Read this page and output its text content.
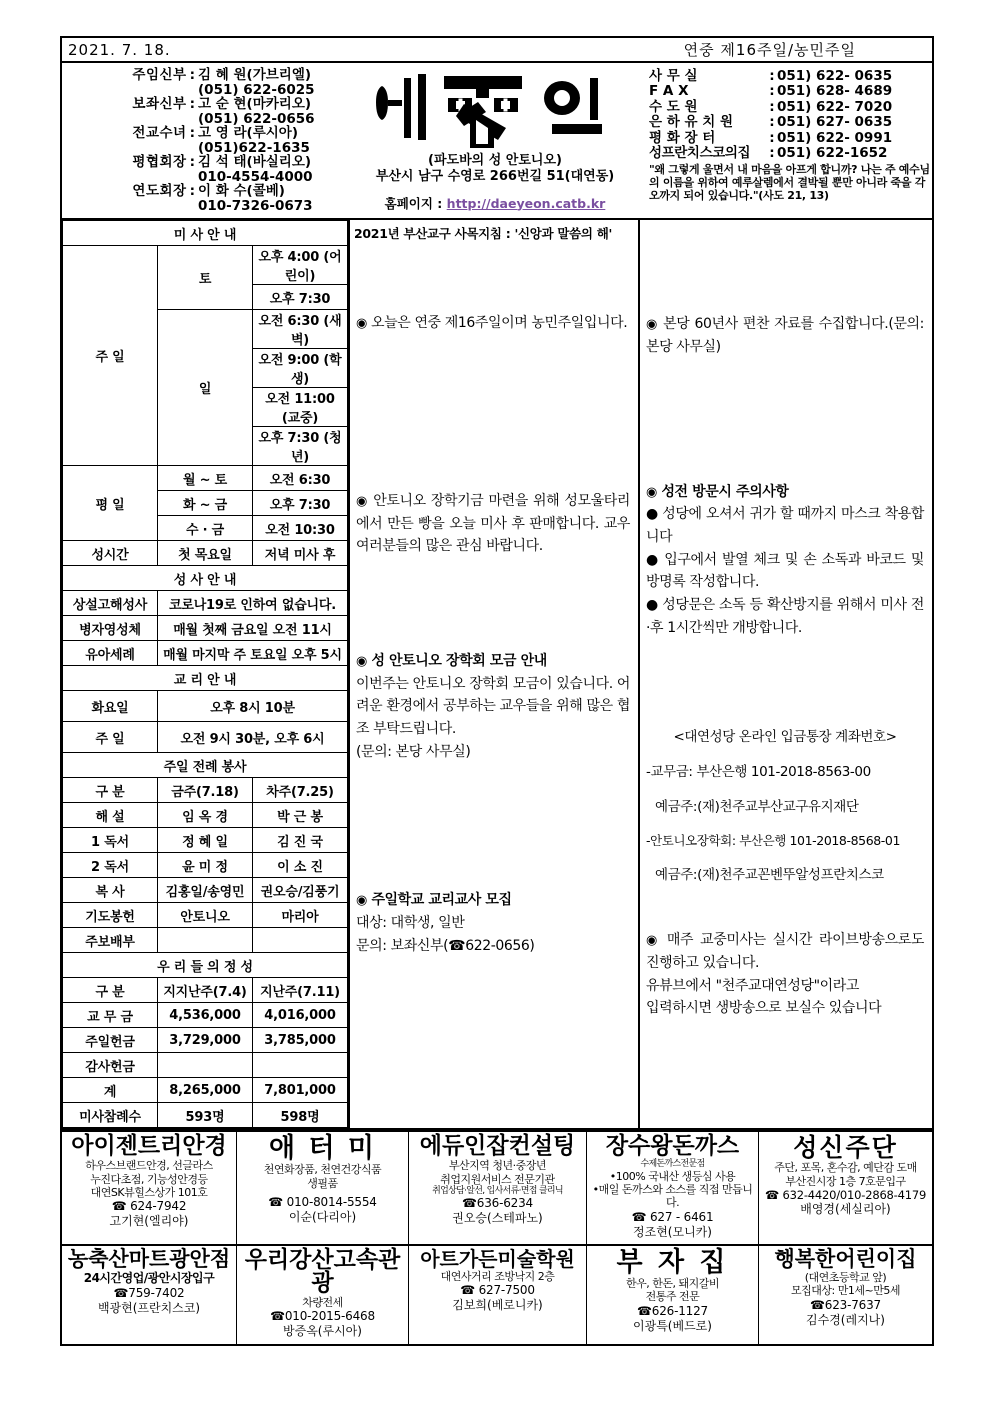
2021. 7. 18.	연중 제16주일/농민주일
주임신부 : 김 혜 원(가브리엘)
(051) 622-6025
보좌신부 : 고 순 현(마카리오)
(051) 622-0656
전교수녀 : 고 영 라(루시아)
(051)622-1635
평협회장 : 김 석 태(바실리오)
010-4554-4000
연도회장 : 이 화 수(콜베)
010-7326-0673
(파도바의 성 안토니오)
부산시 남구 수영로 266번길 51(대연동)
홈페이지 : http://daeyeon.catb.kr
사 무 실	: 051) 622- 0635
F A X	: 051) 628- 4689
수 도 원	: 051) 622- 7020
은 하 유 치 원	: 051) 627- 0635
평 화 장 터	: 051) 622- 0991
성프란치스코의집	: 051) 622-1652
"왜 그렇게 울면서 내 마음을 아프게 합니까? 나는 주 예수님의 이름을 위하여 예루살렘에서 결박될 뿐만 아니라 죽을 각오까지 되어 있습니다."(사도 21, 13)
미 사 안 내		
주 일	토	오후 4:00 (어린이)
		오후 7:30
	일	오전 6:30 (새벽)
		오전 9:00 (학생)
		오전 11:00 (교중)
		오후 7:30 (청년)
평 일	월 ~ 토	오전 6:30
	화 ~ 금	오후 7:30
	수 · 금	오전 10:30
성시간	첫 목요일	저녁 미사 후
성 사 안 내		
상설고해성사	코로나19로 인하여 없습니다.	
병자영성체	매월 첫째 금요일 오전 11시	
유아세례	매월 마지막 주 토요일 오후 5시	
교 리 안 내		
화요일	오후 8시 10분	
주 일	오전 9시 30분, 오후 6시	
주일 전례 봉사		
구 분	금주(7.18)	차주(7.25)
해 설	임 옥 경	박 근 봉
1 독서	정 혜 일	김 진 국
2 독서	윤 미 정	이 소 진
복 사	김홍일/송영민	권오승/김풍기
기도봉헌	안토니오	마리아
주보배부		
우 리 들 의 정 성		
구 분	지지난주(7.4)	지난주(7.11)
교 무 금	4,536,000	4,016,000
주일헌금	3,729,000	3,785,000
감사헌금		
계	8,265,000	7,801,000
미사참례수	593명	598명
2021년 부산교구 사목지침 : '신앙과 말씀의 해'

◉ 오늘은 연중 제16주일이며 농민주일입니다.

◉ 안토니오 장학기금 마련을 위해 성모울타리에서 만든 빵을 오늘 미사 후 판매합니다. 교우 여러분들의 많은 관심 바랍니다.

◉ 성 안토니오 장학회 모금 안내

이번주는 안토니오 장학회 모금이 있습니다. 어려운 환경에서 공부하는 교우들을 위해 많은 협조 부탁드립니다.

(문의: 본당 사무실)

◉ 주일학교 교리교사 모집

대상: 대학생, 일반

문의: 보좌신부(☎622-0656)

◉ 본당 60년사 편찬 자료를 수집합니다.(문의: 본당 사무실)

◉ 성전 방문시 주의사항

● 성당에 오셔서 귀가 할 때까지 마스크 착용합니다

● 입구에서 발열 체크 및 손 소독과 바코드 및 방명록 작성합니다.

● 성당문은 소독 등 확산방지를 위해서 미사 전·후 1시간씩만 개방합니다.

<대연성당 온라인 입금통장 계좌번호>

-교무금: 부산은행 101-2018-8563-00

예금주:(재)천주교부산교구유지재단

-안토니오장학회: 부산은행 101-2018-8568-01

예금주:(재)천주교꼰벤뚜알성프란치스코

◉ 매주 교중미사는 실시간 라이브방송으로도 진행하고 있습니다.

유뷰브에서 "천주교대연성당"이라고

입력하시면 생방송으로 보실수 있습니다

아이젠트리안경
하우스브랜드안경, 선글라스
누진다초점, 기능성안경등
대연SK뷰힐스상가 101호
☎ 624-7942
고기현(엘리야)
애 터 미
천연화장품, 천연건강식품
생필품
☎ 010-8014-5554
이순(다리아)
에듀인잡컨설팅
부산지역 청년·중장년
취업지원서비스 전문기관
취업상담·알선, 입사서류·면접 클리닉
☎636-6234
권오승(스테파노)
장수왕돈까스
수제돈까스전문점
•100% 국내산 생등심 사용
•매일 돈까스와 소스를 직접 만듭니다.
☎ 627 - 6461
정조현(모니카)
성신주단
주단, 포목, 혼수감, 예단감 도매
부산진시장 1층 7호문입구
☎ 632-4420/010-2868-4179
배영경(세실리아)
농축산마트광안점
24시간영업/광안시장입구
☎759-7402
백광현(프란치스코)
우리강산고속관광
차량전세
☎010-2015-6468
방증옥(루시아)
아트가든미술학원
대연사거리 조방낙지 2층
☎ 627-7500
김보희(베로니카)
부 자 집
한우, 한돈, 돼지갈비
전통주 전문
☎626-1127
이광특(베드로)
행복한어린이집
(대연초등학교 앞)
모집대상: 만1세~만5세
☎623-7637
김수경(레지나)
